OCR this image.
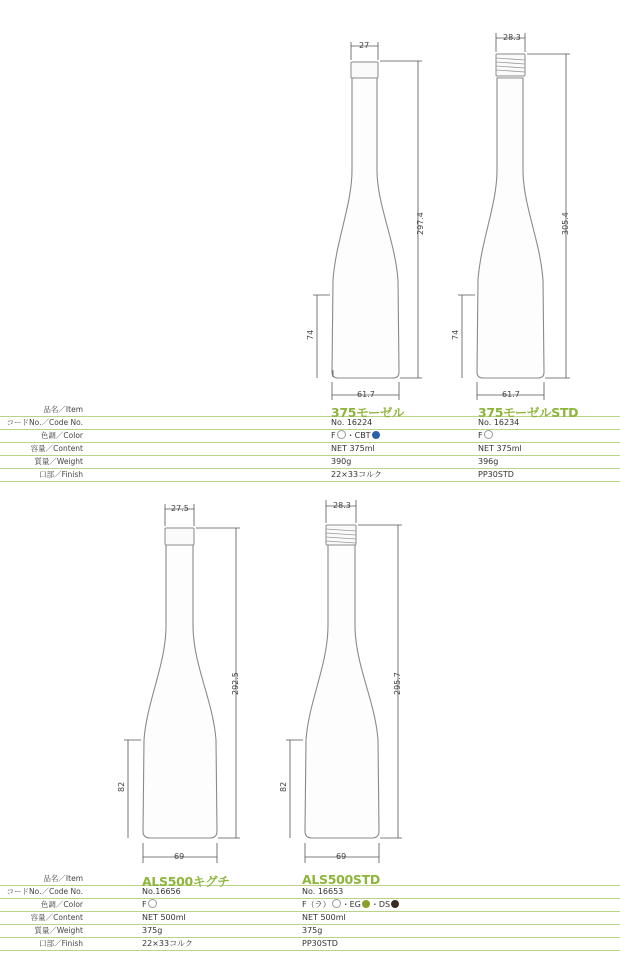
27
297.4
74
61.7
28.3
305.4
74
61.7
品名／Item	375モーゼル	375モーゼルSTD
コードNo.／Code No.	No. 16224	No. 16234
色調／Color	F ・CBT	F
容量／Content	NET 375ml	NET 375ml
質量／Weight	390g	396g
口部／Finish	22×33コルク	PP30STD
27.5
292.5
82
69
28.3
295.7
82
69
品名／Item	ALS500キグチ	ALS500STD
コードNo.／Code No.	No.16656	No. 16653
色調／Color	F	F（ラ） ・EG ・DS
容量／Content	NET 500ml	NET 500ml
質量／Weight	375g	375g
口部／Finish	22×33コルク	PP30STD
